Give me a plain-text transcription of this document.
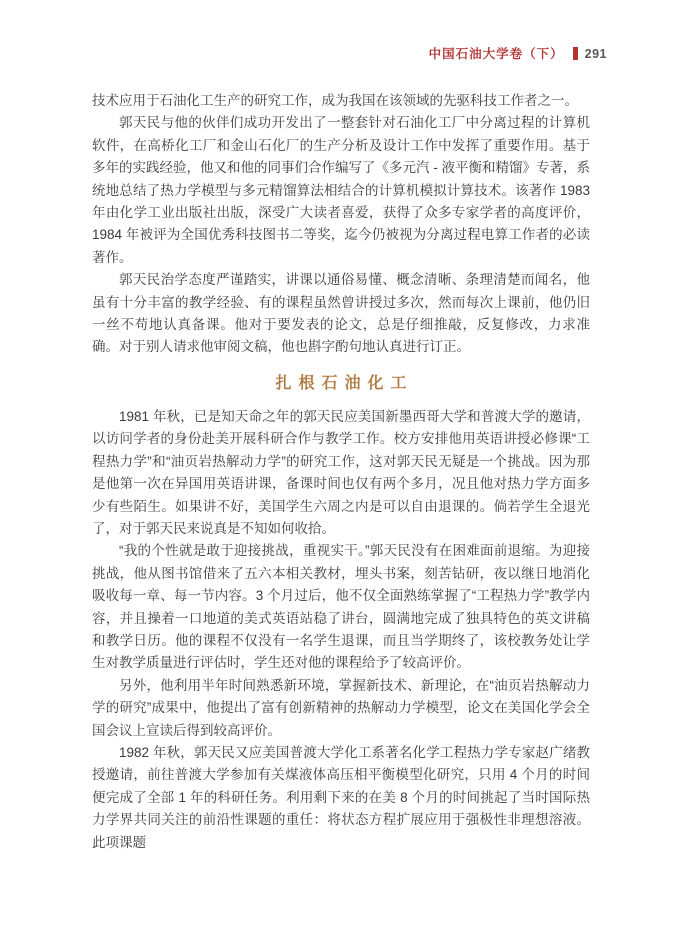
中国石油大学卷（下） 291

技术应用于石油化工生产的研究工作，成为我国在该领域的先驱科技工作者之一。

郭天民与他的伙伴们成功开发出了一整套针对石油化工厂中分离过程的计算机软件，在高桥化工厂和金山石化厂的生产分析及设计工作中发挥了重要作用。基于多年的实践经验，他又和他的同事们合作编写了《多元汽 - 液平衡和精馏》专著，系统地总结了热力学模型与多元精馏算法相结合的计算机模拟计算技术。该著作 1983 年由化学工业出版社出版，深受广大读者喜爱，获得了众多专家学者的高度评价，1984 年被评为全国优秀科技图书二等奖，迄今仍被视为分离过程电算工作者的必读著作。

郭天民治学态度严谨踏实，讲课以通俗易懂、概念清晰、条理清楚而闻名，他虽有十分丰富的教学经验、有的课程虽然曾讲授过多次，然而每次上课前，他仍旧一丝不苟地认真备课。他对于要发表的论文，总是仔细推敲，反复修改，力求准确。对于别人请求他审阅文稿，他也斟字酌句地认真进行订正。

扎根石油化工

1981 年秋，已是知天命之年的郭天民应美国新墨西哥大学和普渡大学的邀请，以访问学者的身份赴美开展科研合作与教学工作。校方安排他用英语讲授必修课“工程热力学”和“油页岩热解动力学”的研究工作，这对郭天民无疑是一个挑战。因为那是他第一次在异国用英语讲课，备课时间也仅有两个多月，况且他对热力学方面多少有些陌生。如果讲不好，美国学生六周之内是可以自由退课的。倘若学生全退光了，对于郭天民来说真是不知如何收拾。

“我的个性就是敢于迎接挑战，重视实干。”郭天民没有在困难面前退缩。为迎接挑战，他从图书馆借来了五六本相关教材，埋头书案，刻苦钻研，夜以继日地消化吸收每一章、每一节内容。3 个月过后，他不仅全面熟练掌握了“工程热力学”教学内容，并且操着一口地道的美式英语站稳了讲台，圆满地完成了独具特色的英文讲稿和教学日历。他的课程不仅没有一名学生退课，而且当学期终了，该校教务处让学生对教学质量进行评估时，学生还对他的课程给予了较高评价。

另外，他利用半年时间熟悉新环境，掌握新技术、新理论，在“油页岩热解动力学的研究”成果中，他提出了富有创新精神的热解动力学模型，论文在美国化学会全国会议上宣读后得到较高评价。

1982 年秋，郭天民又应美国普渡大学化工系著名化学工程热力学专家赵广绪教授邀请，前往普渡大学参加有关煤液体高压相平衡模型化研究，只用 4 个月的时间便完成了全部 1 年的科研任务。利用剩下来的在美 8 个月的时间挑起了当时国际热力学界共同关注的前沿性课题的重任：将状态方程扩展应用于强极性非理想溶液。此项课题
